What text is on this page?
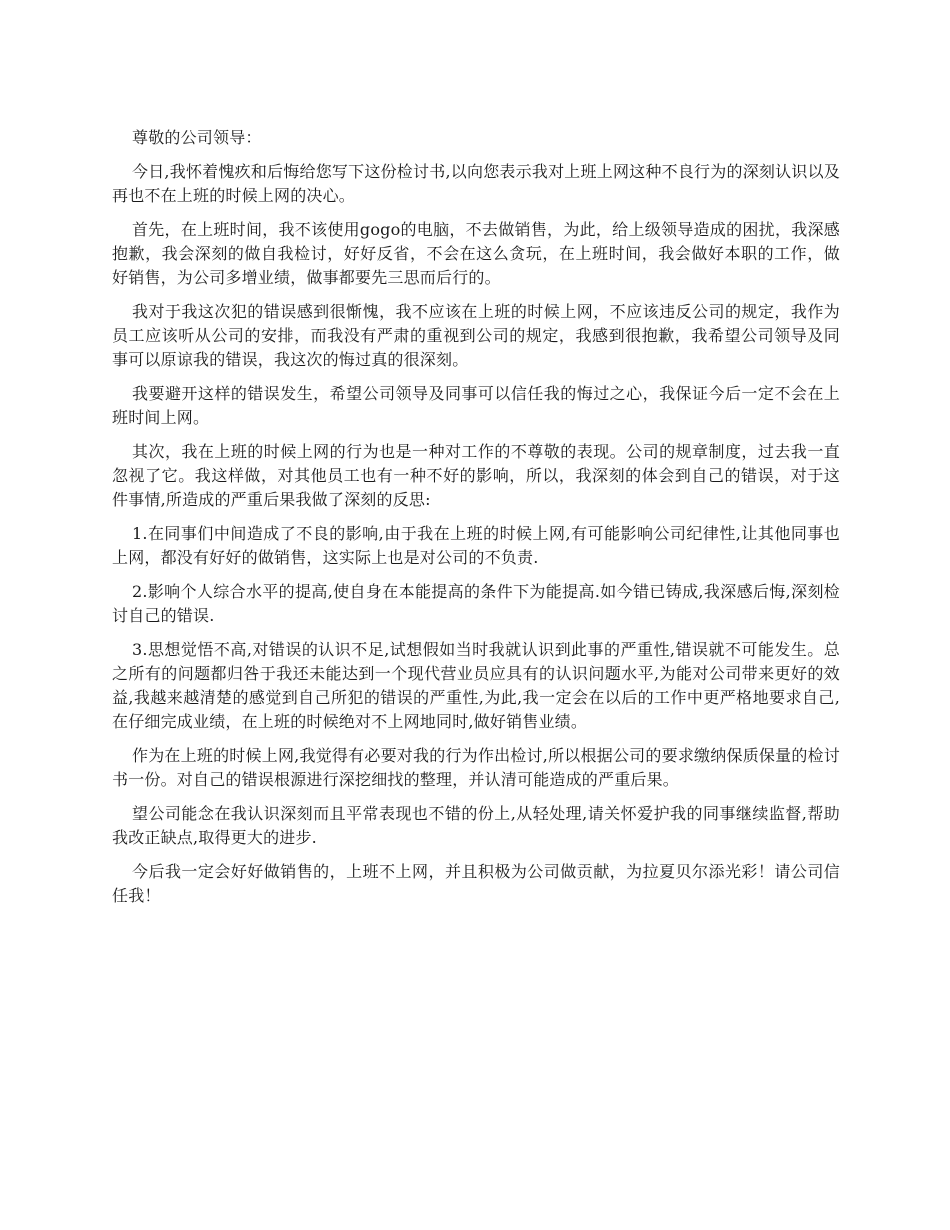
尊敬的公司领导：

今日,我怀着愧疚和后悔给您写下这份检讨书,以向您表示我对上班上网这种不良行为的深刻认识以及再也不在上班的时候上网的决心。

首先，在上班时间，我不该使用gogo的电脑，不去做销售，为此，给上级领导造成的困扰，我深感抱歉，我会深刻的做自我检讨，好好反省，不会在这么贪玩，在上班时间，我会做好本职的工作，做好销售，为公司多增业绩，做事都要先三思而后行的。

我对于我这次犯的错误感到很惭愧，我不应该在上班的时候上网，不应该违反公司的规定，我作为员工应该听从公司的安排，而我没有严肃的重视到公司的规定，我感到很抱歉，我希望公司领导及同事可以原谅我的错误，我这次的悔过真的很深刻。

我要避开这样的错误发生，希望公司领导及同事可以信任我的悔过之心，我保证今后一定不会在上班时间上网。

其次，我在上班的时候上网的行为也是一种对工作的不尊敬的表现。公司的规章制度，过去我一直忽视了它。我这样做，对其他员工也有一种不好的影响，所以，我深刻的体会到自己的错误，对于这件事情,所造成的严重后果我做了深刻的反思:

1.在同事们中间造成了不良的影响,由于我在上班的时候上网,有可能影响公司纪律性,让其他同事也上网，都没有好好的做销售，这实际上也是对公司的不负责.

2.影响个人综合水平的提高,使自身在本能提高的条件下为能提高.如今错已铸成,我深感后悔,深刻检讨自己的错误.

3.思想觉悟不高,对错误的认识不足,试想假如当时我就认识到此事的严重性,错误就不可能发生。总之所有的问题都归咎于我还未能达到一个现代营业员应具有的认识问题水平,为能对公司带来更好的效益,我越来越清楚的感觉到自己所犯的错误的严重性,为此,我一定会在以后的工作中更严格地要求自己,在仔细完成业绩，在上班的时候绝对不上网地同时,做好销售业绩。

作为在上班的时候上网,我觉得有必要对我的行为作出检讨,所以根据公司的要求缴纳保质保量的检讨书一份。对自己的错误根源进行深挖细找的整理，并认清可能造成的严重后果。

望公司能念在我认识深刻而且平常表现也不错的份上,从轻处理,请关怀爱护我的同事继续监督,帮助我改正缺点,取得更大的进步.

今后我一定会好好做销售的，上班不上网，并且积极为公司做贡献，为拉夏贝尔添光彩！请公司信任我！
